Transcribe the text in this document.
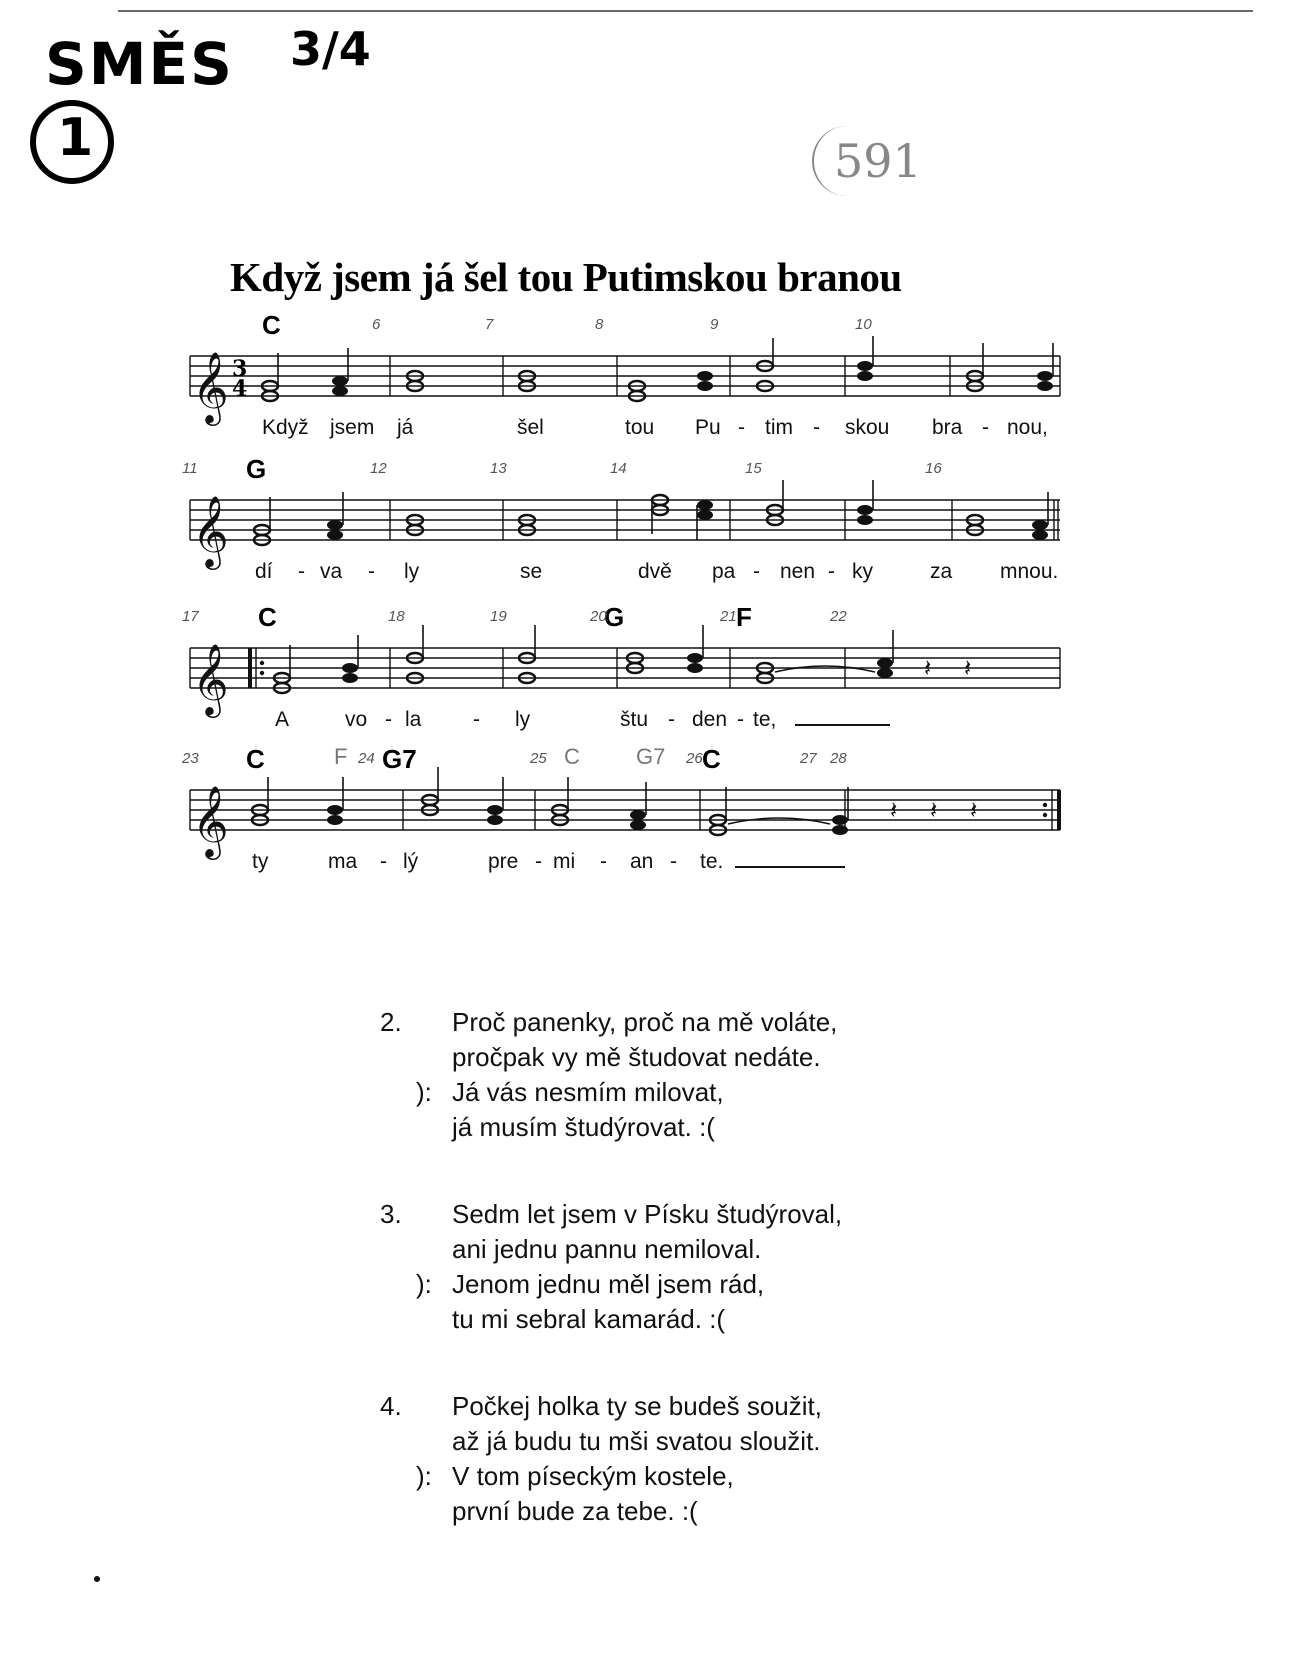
SMĚS 3/4
1	591
Když jsem já šel tou Putimskou branou
𝄞 3
4
C	6	7	8	9	10
Když jsem já	šel	tou Pu - tim - skou bra - nou,
𝄞
G
11	12	13	14	15	16
dí - va - ly	se	dvě pa - nen - ky	za mnou.
𝄞	𝄽 𝄽
C	G	F
17	18	19	20	21	22
A	vo - la - ly	štu - den - te,
𝄞	𝄽 𝄽 𝄽
C	F G7	C	G7 C
23	24	25	26	27 28
ty	ma - lý	pre - mi - an - te.
2. Proč panenky, proč na mě voláte,

pročpak vy mě študovat nedáte.

): Já vás nesmím milovat,

já musím študýrovat. :(

3. Sedm let jsem v Písku študýroval,

ani jednu pannu nemiloval.

): Jenom jednu měl jsem rád,

tu mi sebral kamarád. :(

4. Počkej holka ty se budeš soužit,

až já budu tu mši svatou sloužit.

): V tom píseckým kostele,

první bude za tebe. :(
